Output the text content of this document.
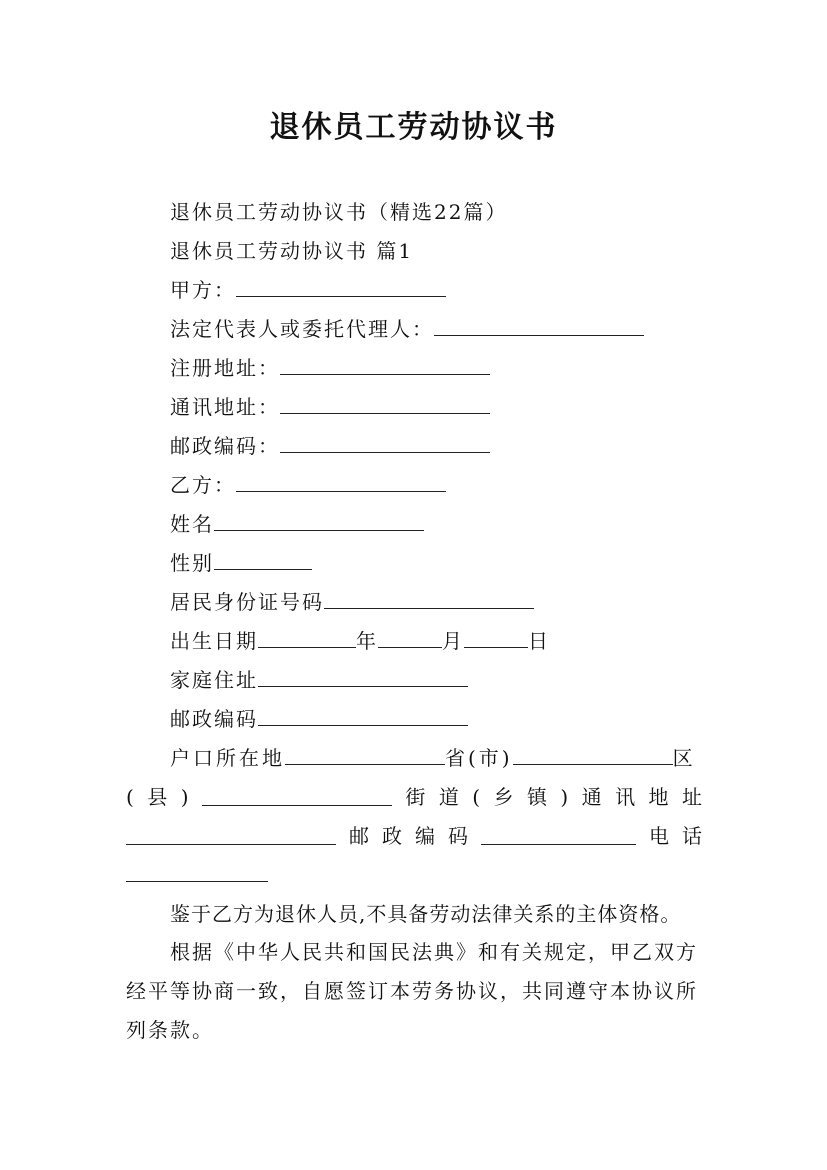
退休员工劳动协议书
退休员工劳动协议书（精选22篇）
退休员工劳动协议书 篇1
甲方：
法定代表人或委托代理人：
注册地址：
通讯地址：
邮政编码：
乙方：
姓名
性别
居民身份证号码
出生日期	年	月	日
家庭住址
邮政编码
户口所在地	省(市)	区
( 县 )	街 道 ( 乡 镇 ) 通 讯 地 址
邮 政 编 码	电 话
鉴于乙方为退休人员,不具备劳动法律关系的主体资格。
根据《中华人民共和国民法典》和有关规定，甲乙双方
经平等协商一致，自愿签订本劳务协议，共同遵守本协议所
列条款。
